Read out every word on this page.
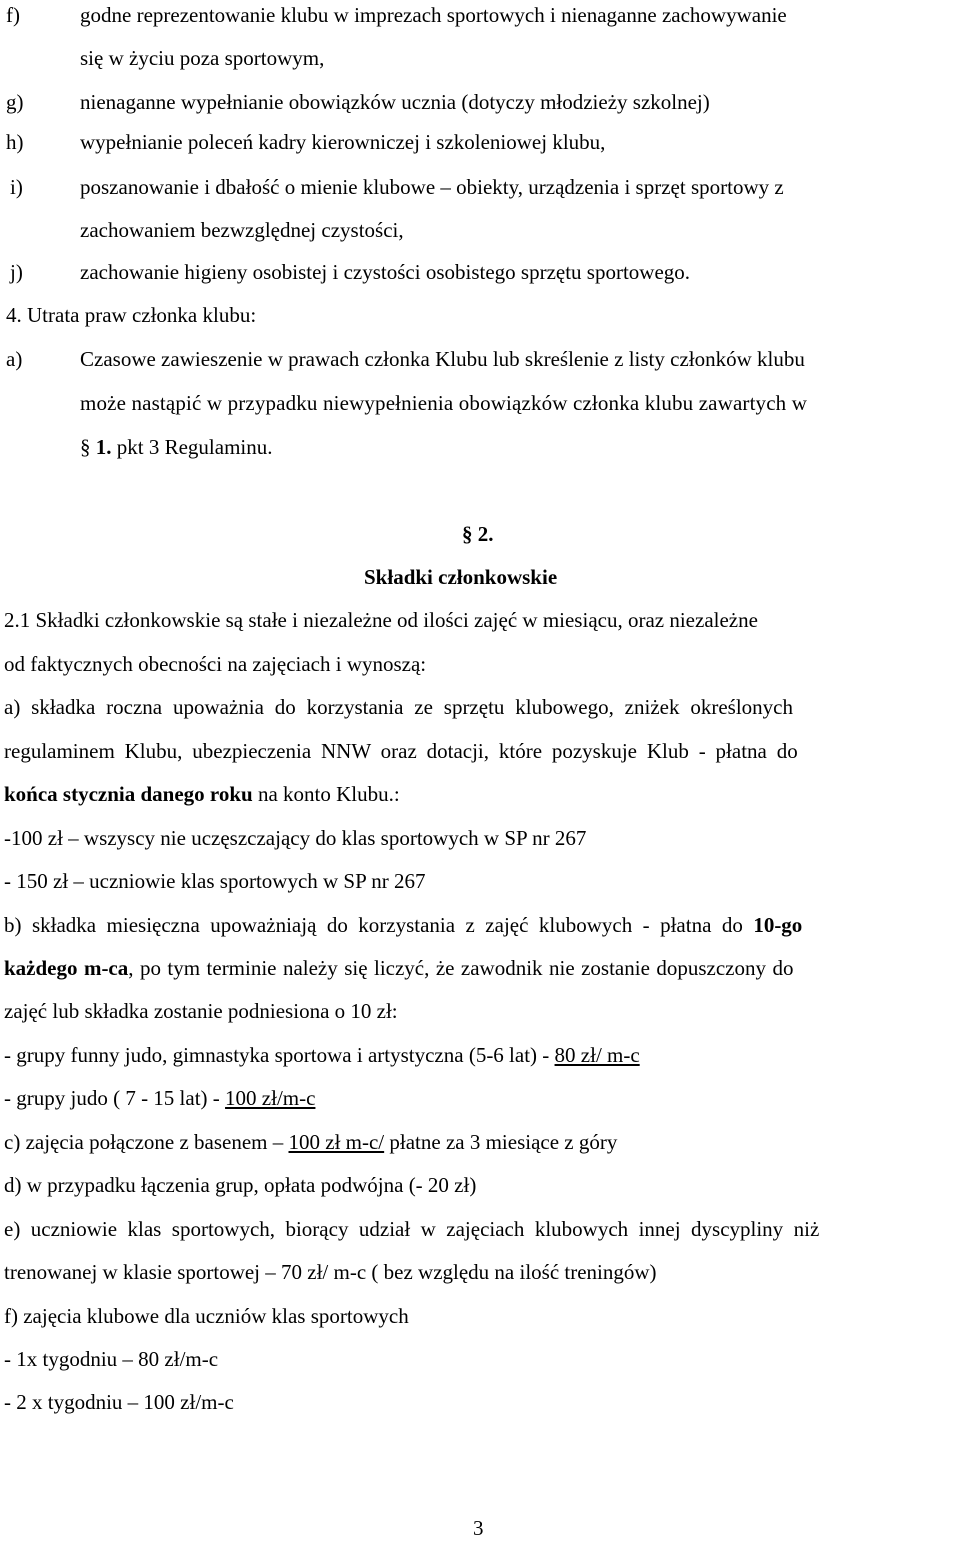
f)	godne reprezentowanie klubu w imprezach sportowych i nienaganne zachowywanie
się w życiu poza sportowym,
g)	nienaganne wypełnianie obowiązków ucznia (dotyczy młodzieży szkolnej)
h)	wypełnianie poleceń kadry kierowniczej i szkoleniowej klubu,
i)	poszanowanie i dbałość o mienie klubowe – obiekty, urządzenia i sprzęt sportowy z
zachowaniem bezwzględnej czystości,
j)	zachowanie higieny osobistej i czystości osobistego sprzętu sportowego.
4. Utrata praw członka klubu:
a)	Czasowe zawieszenie w prawach członka Klubu lub skreślenie z listy członków klubu
może nastąpić w przypadku niewypełnienia obowiązków członka klubu zawartych w
§ 1. pkt 3 Regulaminu.
§ 2.
Składki członkowskie
2.1 Składki członkowskie są stałe i niezależne od ilości zajęć w miesiącu, oraz niezależne
od faktycznych obecności na zajęciach i wynoszą:
a) składka roczna upoważnia do korzystania ze sprzętu klubowego, zniżek określonych
regulaminem Klubu, ubezpieczenia NNW oraz dotacji, które pozyskuje Klub - płatna do
końca stycznia danego roku na konto Klubu.:
-100 zł – wszyscy nie uczęszczający do klas sportowych w SP nr 267
- 150 zł – uczniowie klas sportowych w SP nr 267
b) składka miesięczna upoważniają do korzystania z zajęć klubowych - płatna do 10-go
każdego m-ca, po tym terminie należy się liczyć, że zawodnik nie zostanie dopuszczony do
zajęć lub składka zostanie podniesiona o 10 zł:
- grupy funny judo, gimnastyka sportowa i artystyczna (5-6 lat) - 80 zł/ m-c
- grupy judo ( 7 - 15 lat) - 100 zł/m-c
c) zajęcia połączone z basenem – 100 zł m-c/ płatne za 3 miesiące z góry
d) w przypadku łączenia grup, opłata podwójna (- 20 zł)
e) uczniowie klas sportowych, biorący udział w zajęciach klubowych innej dyscypliny niż
trenowanej w klasie sportowej – 70 zł/ m-c ( bez względu na ilość treningów)
f) zajęcia klubowe dla uczniów klas sportowych
- 1x tygodniu – 80 zł/m-c
- 2 x tygodniu – 100 zł/m-c
3
